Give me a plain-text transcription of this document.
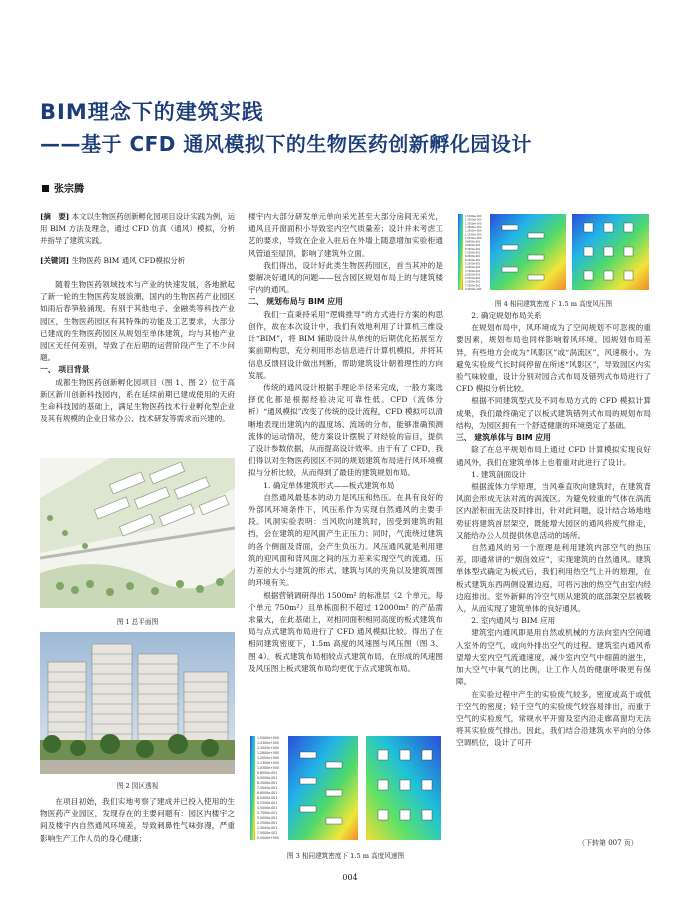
BIM理念下的建筑实践
——基于 CFD 通风模拟下的生物医药创新孵化园设计
张宗腾

[摘　要] 本文以生物医药创新孵化园项目设计实践为例，运用 BIM 方法及理念，通过 CFD 仿真（通风）模拟，分析并指导了建筑实践。

[关键词] 生物医药 BIM 通风 CFD模拟分析

随着生物医药领域技术与产业的快速发展，各地掀起了新一轮的生物医药发展浪潮，国内的生物医药产业园区如雨后春笋般涌现。有别于其他电子、金融类等科技产业园区，生物医药园区有其特殊的功能及工艺要求，大部分已建成的生物医药园区从规划至单体建筑，均与其他产业园区无任何差别，导致了在后期的运营阶段产生了不少问题。

一、 项目背景

成都生物医药创新孵化园项目（图 1、图 2）位于高新区新川创新科技园内，系在延续前期已建成使用的天府生命科技园的基础上，满足生物医药技术行业孵化型企业及其有规模的企业日常办公、技术研发等需求而兴建的。

图 1 总平面图
图 2 园区透视

在项目初始，我们实地考察了建成并已投入使用的生物医药产业园区，发现存在的主要问题有：园区内楼宇之间及楼宇内自然通风环境差，导致刺鼻性气味弥漫，严重影响生产工作人员的身心健康；

楼宇内大部分研发单元单向采光甚至大部分房间无采光，通风且开窗面积小导致室内空气质量差；设计并未考虑工艺的要求，导致在企业入驻后在外墙上随意增加实验柜通风管道至屋顶，影响了建筑外立面。

我们得出，设计好此类生物医药园区，首当其冲的是要解决好通风的问题——包含园区规划布局上的与建筑楼宇内的通风。

二、 规划布局与 BIM 应用

我们一直秉持采用“逻辑推导”的方式进行方案的构思创作，故在本次设计中，我们有效地利用了计算机三维设计“BIM”，将 BIM 辅助设计从单纯的后期优化拓展至方案前期构思，充分利用形态信息进行计算机模拟，并将其信息反馈回设计做出判断，帮助建筑设计朝着理性的方向发展。

传统的通风设计根据手理论半径来完成，一般方案选择优化都是根据经验决定可靠性低。CFD（流体分析）“通风模拟”改变了传统的设计流程，CFD 模拟可以清晰地表现出建筑内的温度场、流场的分布，能够准确预测流体的运动情况，使方案设计摆脱了对经验的盲目，提供了设计参数依据，从而提高设计效率。由于有了 CFD，我们得以对生物医药园区不同的规划建筑布局进行风环境模拟与分析比较，从而得到了最佳的建筑规划布局。

1. 确定单体建筑形式——板式建筑布局

自然通风最基本的动力是风压和热压。在具有良好的外部风环境条件下，风压系作为实现自然通风的主要手段。风洞实验表明：当风吹向建筑时，因受到建筑的阻挡，会在建筑的迎风面产生正压力；同时，气流绕过建筑的各个侧面及背面，会产生负压力。风压通风就是利用建筑的迎风面和背风面之间的压力差来实现空气的流通。压力差的大小与建筑的形式、建筑与风的夹角以及建筑周围的环境有关。

根据营销调研得出 1500m² 的标准层（2 个单元，每个单元 750m²）且单栋面积不超过 12000m² 的产品需求量大，在此基础上，对相同面积相同高度的板式建筑布局与点式建筑布局进行了 CFD 通风模拟比较。得出了在相同建筑密度下，1.5m 高度的风速图与风压图（图 3、图 4）。板式建筑布局相较点式建筑布局，在形成的风速图及风压图上板式建筑布局均更优于点式建筑布局。

1.5000e+000
1.4300e+000
1.3500e+000
1.2800e+000
1.2000e+000
1.1300e+000
1.0500e+000
9.8000e-001
9.0000e-001
8.3000e-001
7.5000e-001
6.8000e-001
6.0000e-001
5.2500e-001
4.5000e-001
3.7500e-001
3.0000e-001
2.2500e-001
1.5000e-001
7.5000e-002
0.0000e+000
图 3 相同建筑密度下 1.5 m 高度风速图
1.5000e+000
1.4300e+000
1.3500e+000
1.2800e+000
1.2000e+000
1.1300e+000
1.0500e+000
9.8000e-001
9.0000e-001
8.3000e-001
7.5000e-001
6.8000e-001
6.0000e-001
5.2500e-001
4.5000e-001
3.7500e-001
3.0000e-001
2.2500e-001
1.5000e-001
7.5000e-002
0.0000e+000
图 4 相同建筑密度下 1.5 m 高度风压图
2. 确定规划布局关系

在规划布局中，风环境成为了空间规划不可忽视的重要因素，规划布局也同样影响着风环境。园规划布局差异，有些地方会成为“风影区”或“涡流区”，风速极小。为避免实验废气长时间停留在所述“风影区”，导致园区内实验气味较重，设计分别对园合式布局及错列式布局进行了 CFD 模拟分析比较。

根据不同建筑型式及不同布局方式的 CFD 模拟计算成果，我们最终确定了以板式建筑错列式布局的规划布局结构，为园区拥有一个舒适健康的环境奠定了基础。

三、 建筑单体与 BIM 应用

除了在总平规划布局上通过 CFD 计算模拟实现良好通风外，我们在建筑单体上也着重对此进行了设计。

1. 建筑剖面设计

根据流体力学原理，当风垂直吹向建筑时，在建筑背风面会形成无法对流的涡流区。为避免较重的气体在涡流区内淤积而无法及时排出，针对此问题，设计结合场地地势征将建筑首层架空，既能增大园区的通风将废气排走，又能给办公人员提供休息活动的场所。

自然通风的另一个原理是利用建筑内部空气的热压差，即通常讲的“烟囱效应”，实现建筑的自然通风。建筑单体型式确定为板式后，我们利用热空气上升的原理，在板式建筑东西两侧设置边庭，可将污浊的热空气由室内经边庭排出。室外新鲜的冷空气则从建筑的底部架空层被吸入，从而实现了建筑单体的良好通风。

2. 室内通风与 BIM 应用

建筑室内通风即是用自然或机械的方法向室内空间通入室外的空气，或向外排出空气的过程。建筑室内通风希望增大室内空气流通速度，减少室内空气中细菌的滋生，加大空气中氧气的比例，让工作人员的健康呼吸更有保障。

在实验过程中产生的实验废气较多，密度或高于或低于空气的密度；轻于空气的实验废气较容易排出，而重于空气的实验废气，常规水平开窗及室内沿走廊高窗均无法将其实验废气排出。因此，我们结合沿建筑水平向的分体空调机位，设计了可开

（下转第 007 页）
004
